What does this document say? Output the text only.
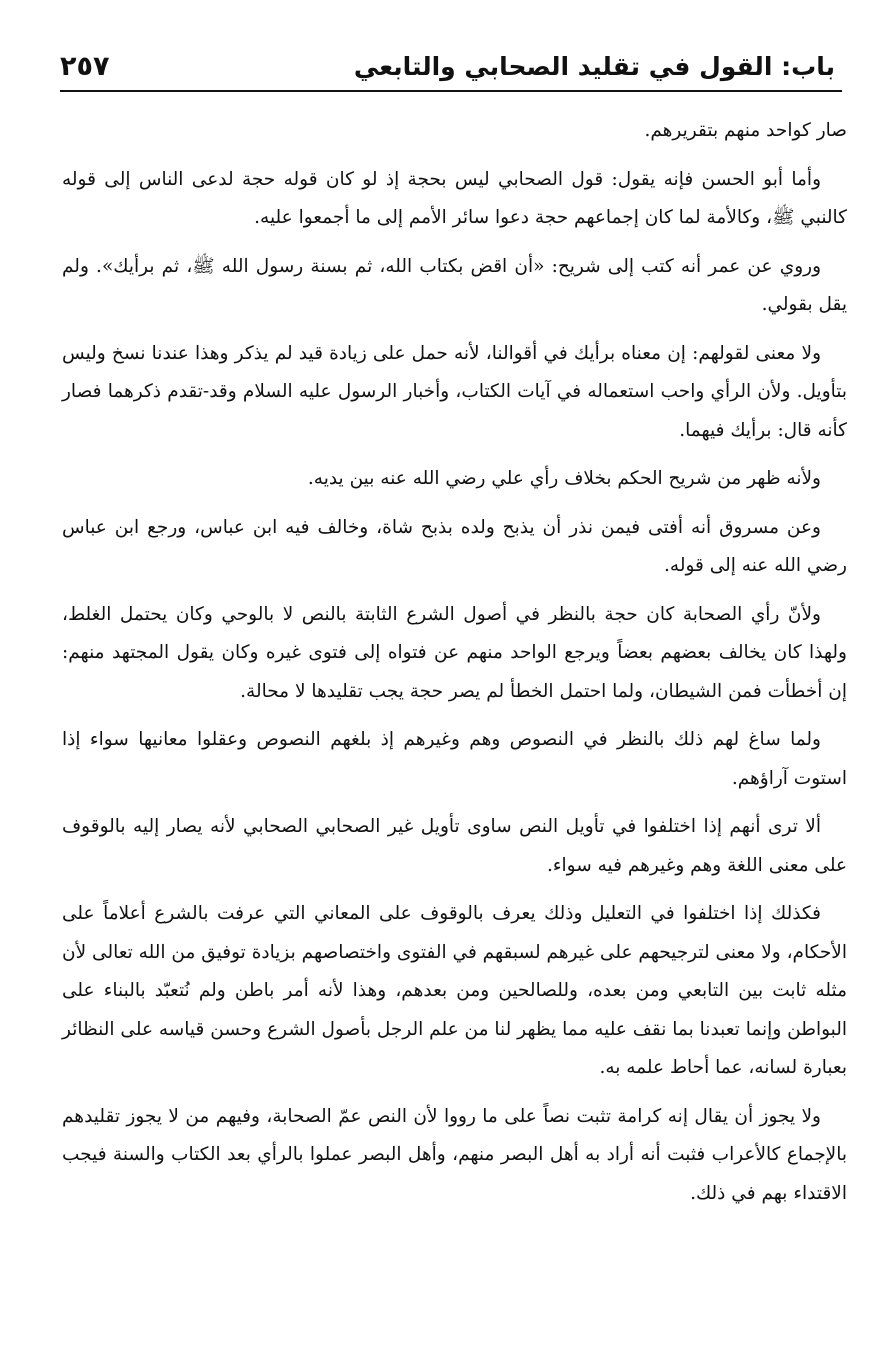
باب: القول في تقليد الصحابي والتابعي
٢٥٧

صار كواحد منهم بتقريرهم.

وأما أبو الحسن فإنه يقول: قول الصحابي ليس بحجة إذ لو كان قوله حجة لدعى الناس إلى قوله كالنبي ﷺ، وكالأمة لما كان إجماعهم حجة دعوا سائر الأمم إلى ما أجمعوا عليه.

وروي عن عمر أنه كتب إلى شريح: «أن اقض بكتاب الله، ثم بسنة رسول الله ﷺ، ثم برأيك». ولم يقل بقولي.

ولا معنى لقولهم: إن معناه برأيك في أقوالنا، لأنه حمل على زيادة قيد لم يذكر وهذا عندنا نسخ وليس بتأويل. ولأن الرأي واحب استعماله في آيات الكتاب، وأخبار الرسول عليه السلام وقد-تقدم ذكرهما فصار كأنه قال: برأيك فيهما.

ولأنه ظهر من شريح الحكم بخلاف رأي علي رضي الله عنه بين يديه.

وعن مسروق أنه أفتى فيمن نذر أن يذبح ولده بذبح شاة، وخالف فيه ابن عباس، ورجع ابن عباس رضي الله عنه إلى قوله.

ولأنّ رأي الصحابة كان حجة بالنظر في أصول الشرع الثابتة بالنص لا بالوحي وكان يحتمل الغلط، ولهذا كان يخالف بعضهم بعضاً ويرجع الواحد منهم عن فتواه إلى فتوى غيره وكان يقول المجتهد منهم: إن أخطأت فمن الشيطان، ولما احتمل الخطأ لم يصر حجة يجب تقليدها لا محالة.

ولما ساغ لهم ذلك بالنظر في النصوص وهم وغيرهم إذ بلغهم النصوص وعقلوا معانيها سواء إذا استوت آراؤهم.

ألا ترى أنهم إذا اختلفوا في تأويل النص ساوى تأويل غير الصحابي الصحابي لأنه يصار إليه بالوقوف على معنى اللغة وهم وغيرهم فيه سواء.

فكذلك إذا اختلفوا في التعليل وذلك يعرف بالوقوف على المعاني التي عرفت بالشرع أعلاماً على الأحكام، ولا معنى لترجيحهم على غيرهم لسبقهم في الفتوى واختصاصهم بزيادة توفيق من الله تعالى لأن مثله ثابت بين التابعي ومن بعده، وللصالحين ومن بعدهم، وهذا لأنه أمر باطن ولم نُتعبّد بالبناء على البواطن وإنما تعبدنا بما نقف عليه مما يظهر لنا من علم الرجل بأصول الشرع وحسن قياسه على النظائر بعبارة لسانه، عما أحاط علمه به.

ولا يجوز أن يقال إنه كرامة تثبت نصاً على ما رووا لأن النص عمّ الصحابة، وفيهم من لا يجوز تقليدهم بالإجماع كالأعراب فثبت أنه أراد به أهل البصر منهم، وأهل البصر عملوا بالرأي بعد الكتاب والسنة فيجب الاقتداء بهم في ذلك.
